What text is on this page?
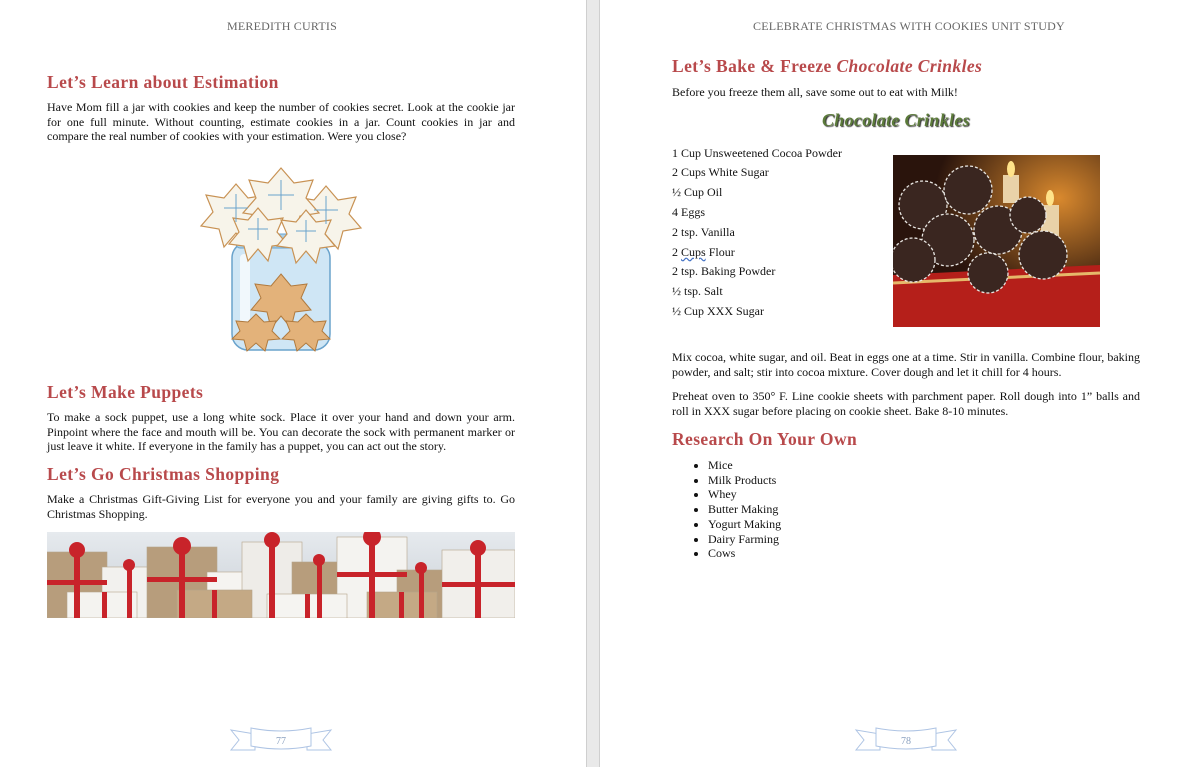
MEREDITH CURTIS
Let’s Learn about Estimation

Have Mom fill a jar with cookies and keep the number of cookies secret. Look at the cookie jar for one full minute. Without counting, estimate cookies in a jar. Count cookies in jar and compare the real number of cookies with your estimation. Were you close?

Let’s Make Puppets

To make a sock puppet, use a long white sock. Place it over your hand and down your arm. Pinpoint where the face and mouth will be. You can decorate the sock with permanent marker or just leave it white. If everyone in the family has a puppet, you can act out the story.

Let’s Go Christmas Shopping

Make a Christmas Gift-Giving List for everyone you and your family are giving gifts to. Go Christmas Shopping.

77
CELEBRATE CHRISTMAS WITH COOKIES UNIT STUDY
Let’s Bake & Freeze Chocolate Crinkles

Before you freeze them all, save some out to eat with Milk!

Chocolate Crinkles
1 Cup Unsweetened Cocoa Powder
2 Cups White Sugar
½ Cup Oil
4 Eggs
2 tsp. Vanilla
2 Cups Flour
2 tsp. Baking Powder
½ tsp. Salt
½ Cup XXX Sugar

Mix cocoa, white sugar, and oil. Beat in eggs one at a time. Stir in vanilla. Combine flour, baking powder, and salt; stir into cocoa mixture. Cover dough and let it chill for 4 hours.

Preheat oven to 350° F. Line cookie sheets with parchment paper. Roll dough into 1” balls and roll in XXX sugar before placing on cookie sheet. Bake 8-10 minutes.

Research On Your Own
• Mice
• Milk Products
• Whey
• Butter Making
• Yogurt Making
• Dairy Farming
• Cows
78
